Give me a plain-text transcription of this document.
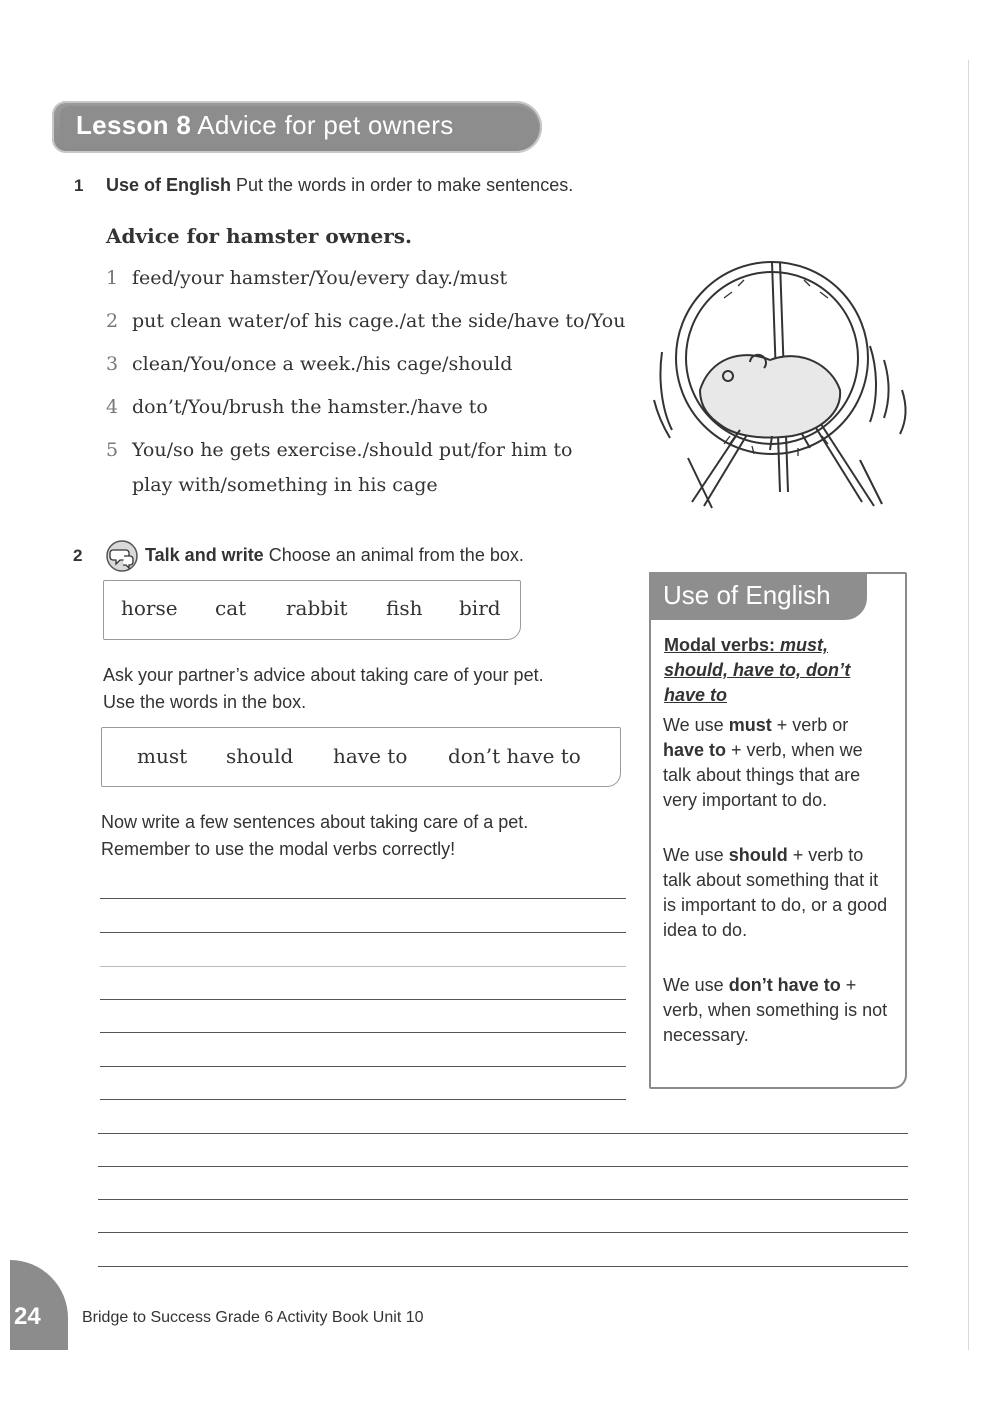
Lesson 8 Advice for pet owners
1 Use of English Put the words in order to make sentences.
Advice for hamster owners.
1 feed/your hamster/You/every day./must
2 put clean water/of his cage./at the side/have to/You
3 clean/You/once a week./his cage/should
4 don’t/You/brush the hamster./have to
5 You/so he gets exercise./should put/for him to
play with/something in his cage
2	Talk and write Choose an animal from the box.
horse cat rabbit fish bird
Ask your partner’s advice about taking care of your pet.
Use the words in the box.
must should have to don’t have to
Now write a few sentences about taking care of a pet.
Remember to use the modal verbs correctly!
Use of English
Modal verbs: must, should, have to, don’t have to
We use must + verb or have to + verb, when we talk about things that are very important to do.
We use should + verb to talk about something that it is important to do, or a good idea to do.
We use don’t have to + verb, when something is not necessary.
24	Bridge to Success Grade 6 Activity Book Unit 10
